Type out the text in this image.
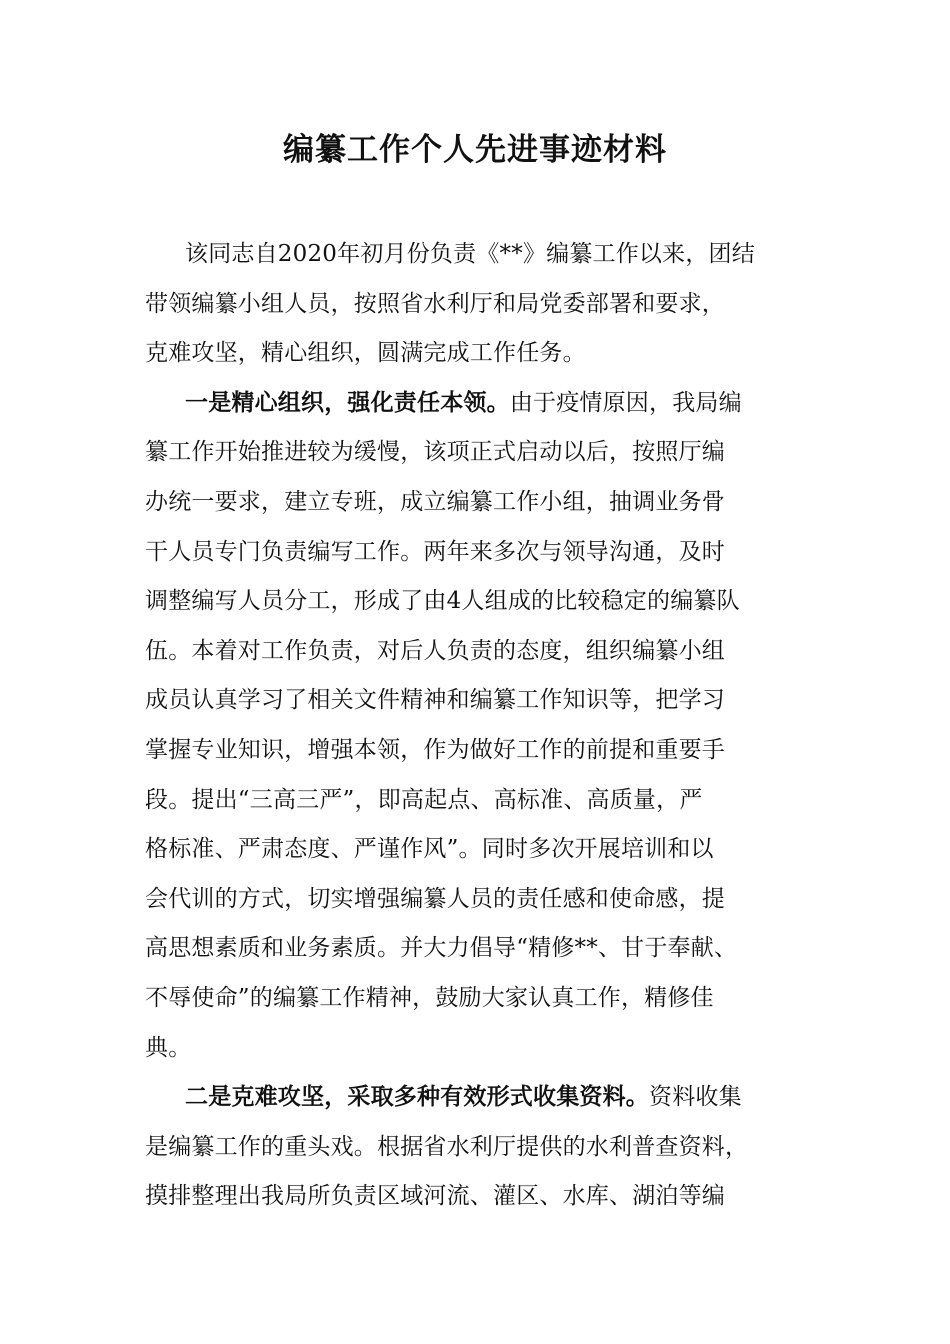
编纂工作个人先进事迹材料
该同志自2020年初月份负责《**》编纂工作以来，团结
带领编纂小组人员，按照省水利厅和局党委部署和要求，
克难攻坚，精心组织，圆满完成工作任务。
一是精心组织，强化责任本领。由于疫情原因，我局编
纂工作开始推进较为缓慢，该项正式启动以后，按照厅编
办统一要求，建立专班，成立编纂工作小组，抽调业务骨
干人员专门负责编写工作。两年来多次与领导沟通，及时
调整编写人员分工，形成了由4人组成的比较稳定的编纂队
伍。本着对工作负责，对后人负责的态度，组织编纂小组
成员认真学习了相关文件精神和编纂工作知识等，把学习
掌握专业知识，增强本领，作为做好工作的前提和重要手
段。提出“三高三严”，即高起点、高标准、高质量，严
格标准、严肃态度、严谨作风”。同时多次开展培训和以
会代训的方式，切实增强编纂人员的责任感和使命感，提
高思想素质和业务素质。并大力倡导“精修**、甘于奉献、
不辱使命”的编纂工作精神，鼓励大家认真工作，精修佳
典。
二是克难攻坚，采取多种有效形式收集资料。资料收集
是编纂工作的重头戏。根据省水利厅提供的水利普查资料，
摸排整理出我局所负责区域河流、灌区、水库、湖泊等编
